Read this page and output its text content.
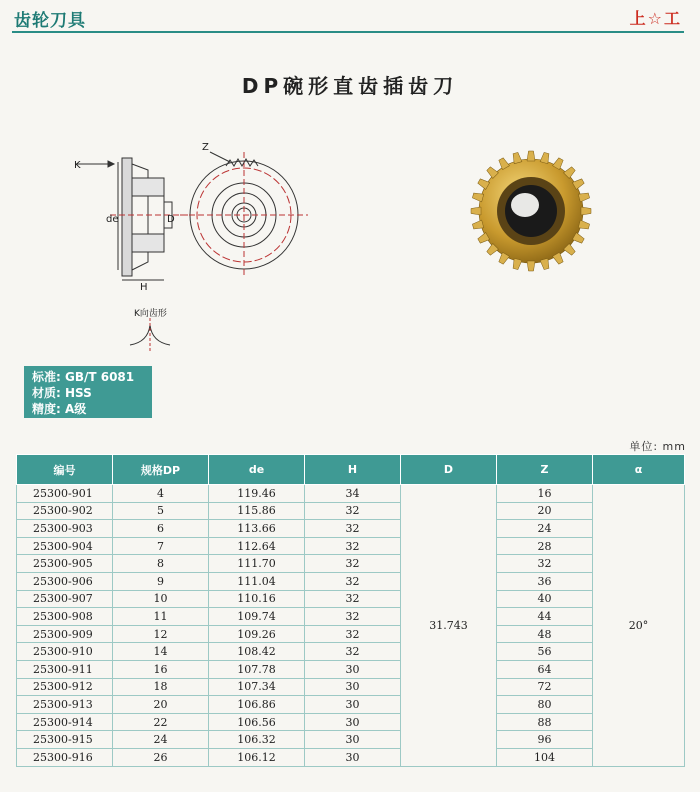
齿轮刀具	上☆工
DP碗形直齿插齿刀
K
Z
de	D
H
K向齿形
标准: GB/T 6081
材质: HSS
精度: A级
单位: mm
编号	规格DP	de	H	D	Z	α
25300-901	4	119.46	34	31.743	16	20°
25300-902	5	115.86	32		20	
25300-903	6	113.66	32		24	
25300-904	7	112.64	32		28	
25300-905	8	111.70	32		32	
25300-906	9	111.04	32		36	
25300-907	10	110.16	32		40	
25300-908	11	109.74	32		44	
25300-909	12	109.26	32		48	
25300-910	14	108.42	32		56	
25300-911	16	107.78	30		64	
25300-912	18	107.34	30		72	
25300-913	20	106.86	30		80	
25300-914	22	106.56	30		88	
25300-915	24	106.32	30		96	
25300-916	26	106.12	30		104	
